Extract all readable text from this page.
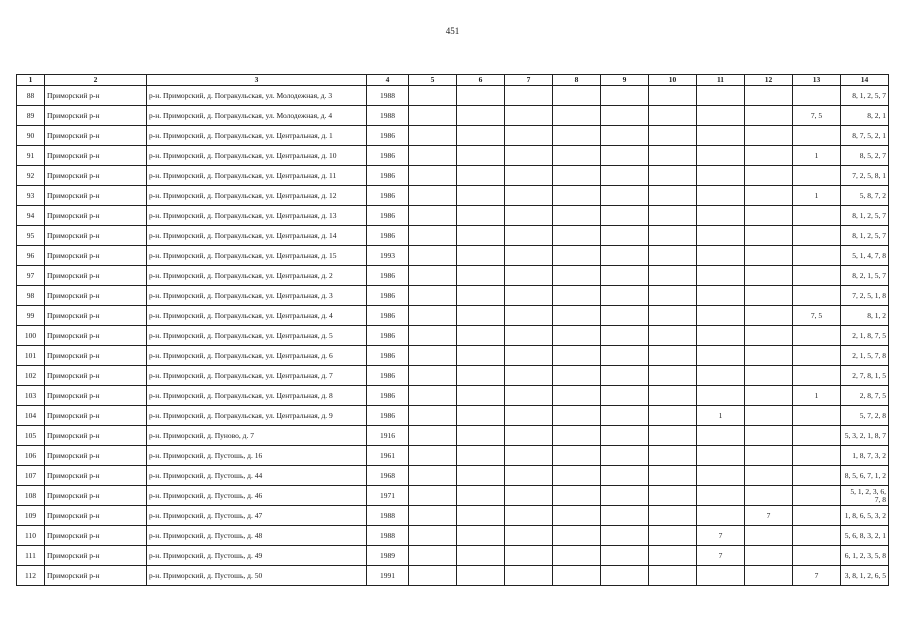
451
1	2	3	4	5	6	7	8	9	10	11	12	13	14
88	Приморский р-н	р-н. Приморский, д. Погракульская, ул. Молодежная, д. 3	1988										8, 1, 2, 5, 7
89	Приморский р-н	р-н. Приморский, д. Погракульская, ул. Молодежная, д. 4	1988									7, 5	8, 2, 1
90	Приморский р-н	р-н. Приморский, д. Погракульская, ул. Центральная, д. 1	1986										8, 7, 5, 2, 1
91	Приморский р-н	р-н. Приморский, д. Погракульская, ул. Центральная, д. 10	1986									1	8, 5, 2, 7
92	Приморский р-н	р-н. Приморский, д. Погракульская, ул. Центральная, д. 11	1986										7, 2, 5, 8, 1
93	Приморский р-н	р-н. Приморский, д. Погракульская, ул. Центральная, д. 12	1986									1	5, 8, 7, 2
94	Приморский р-н	р-н. Приморский, д. Погракульская, ул. Центральная, д. 13	1986										8, 1, 2, 5, 7
95	Приморский р-н	р-н. Приморский, д. Погракульская, ул. Центральная, д. 14	1986										8, 1, 2, 5, 7
96	Приморский р-н	р-н. Приморский, д. Погракульская, ул. Центральная, д. 15	1993										5, 1, 4, 7, 8
97	Приморский р-н	р-н. Приморский, д. Погракульская, ул. Центральная, д. 2	1986										8, 2, 1, 5, 7
98	Приморский р-н	р-н. Приморский, д. Погракульская, ул. Центральная, д. 3	1986										7, 2, 5, 1, 8
99	Приморский р-н	р-н. Приморский, д. Погракульская, ул. Центральная, д. 4	1986									7, 5	8, 1, 2
100	Приморский р-н	р-н. Приморский, д. Погракульская, ул. Центральная, д. 5	1986										2, 1, 8, 7, 5
101	Приморский р-н	р-н. Приморский, д. Погракульская, ул. Центральная, д. 6	1986										2, 1, 5, 7, 8
102	Приморский р-н	р-н. Приморский, д. Погракульская, ул. Центральная, д. 7	1986										2, 7, 8, 1, 5
103	Приморский р-н	р-н. Приморский, д. Погракульская, ул. Центральная, д. 8	1986									1	2, 8, 7, 5
104	Приморский р-н	р-н. Приморский, д. Погракульская, ул. Центральная, д. 9	1986							1			5, 7, 2, 8
105	Приморский р-н	р-н. Приморский, д. Пуново, д. 7	1916										5, 3, 2, 1, 8, 7
106	Приморский р-н	р-н. Приморский, д. Пустошь, д. 16	1961										1, 8, 7, 3, 2
107	Приморский р-н	р-н. Приморский, д. Пустошь, д. 44	1968										8, 5, 6, 7, 1, 2
108	Приморский р-н	р-н. Приморский, д. Пустошь, д. 46	1971										5, 1, 2, 3, 6, 7, 8
109	Приморский р-н	р-н. Приморский, д. Пустошь, д. 47	1988								7		1, 8, 6, 5, 3, 2
110	Приморский р-н	р-н. Приморский, д. Пустошь, д. 48	1988							7			5, 6, 8, 3, 2, 1
111	Приморский р-н	р-н. Приморский, д. Пустошь, д. 49	1989							7			6, 1, 2, 3, 5, 8
112	Приморский р-н	р-н. Приморский, д. Пустошь, д. 50	1991									7	3, 8, 1, 2, 6, 5
